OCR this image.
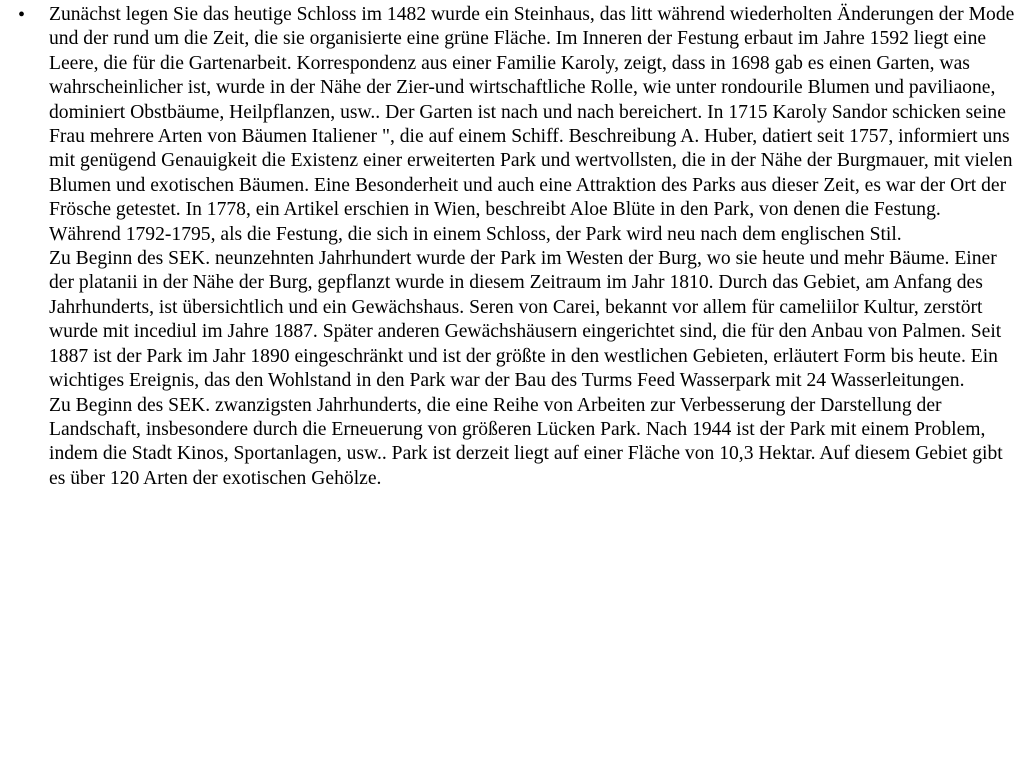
• Zunächst legen Sie das heutige Schloss im 1482 wurde ein Steinhaus, das litt während wiederholten Änderungen der Mode und der rund um die Zeit, die sie organisierte eine grüne Fläche. Im Inneren der Festung erbaut im Jahre 1592 liegt eine Leere, die für die Gartenarbeit. Korrespondenz aus einer Familie Karoly, zeigt, dass in 1698 gab es einen Garten, was wahrscheinlicher ist, wurde in der Nähe der Zier-und wirtschaftliche Rolle, wie unter rondourile Blumen und paviliaone, dominiert Obstbäume, Heilpflanzen, usw.. Der Garten ist nach und nach bereichert. In 1715 Karoly Sandor schicken seine Frau mehrere Arten von Bäumen Italiener ", die auf einem Schiff. Beschreibung A. Huber, datiert seit 1757, informiert uns mit genügend Genauigkeit die Existenz einer erweiterten Park und wertvollsten, die in der Nähe der Burgmauer, mit vielen Blumen und exotischen Bäumen. Eine Besonderheit und auch eine Attraktion des Parks aus dieser Zeit, es war der Ort der Frösche getestet. In 1778, ein Artikel erschien in Wien, beschreibt Aloe Blüte in den Park, von denen die Festung. Während 1792-1795, als die Festung, die sich in einem Schloss, der Park wird neu nach dem englischen Stil.

Zu Beginn des SEK. neunzehnten Jahrhundert wurde der Park im Westen der Burg, wo sie heute und mehr Bäume. Einer der platanii in der Nähe der Burg, gepflanzt wurde in diesem Zeitraum im Jahr 1810. Durch das Gebiet, am Anfang des Jahrhunderts, ist übersichtlich und ein Gewächshaus. Seren von Carei, bekannt vor allem für cameliilor Kultur, zerstört wurde mit incediul im Jahre 1887. Später anderen Gewächshäusern eingerichtet sind, die für den Anbau von Palmen. Seit 1887 ist der Park im Jahr 1890 eingeschränkt und ist der größte in den westlichen Gebieten, erläutert Form bis heute. Ein wichtiges Ereignis, das den Wohlstand in den Park war der Bau des Turms Feed Wasserpark mit 24 Wasserleitungen.

Zu Beginn des SEK. zwanzigsten Jahrhunderts, die eine Reihe von Arbeiten zur Verbesserung der Darstellung der Landschaft, insbesondere durch die Erneuerung von größeren Lücken Park. Nach 1944 ist der Park mit einem Problem, indem die Stadt Kinos, Sportanlagen, usw.. Park ist derzeit liegt auf einer Fläche von 10,3 Hektar. Auf diesem Gebiet gibt es über 120 Arten der exotischen Gehölze.
